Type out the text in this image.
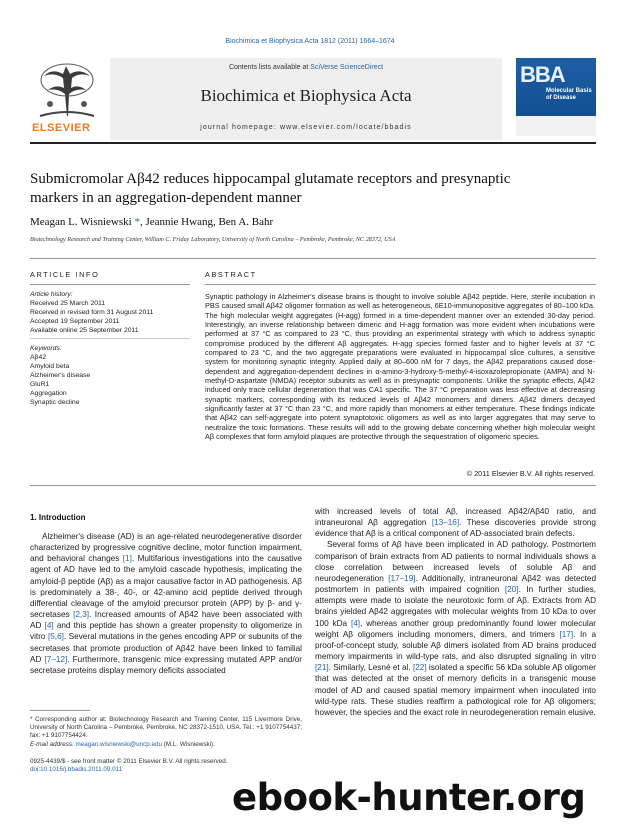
Biochimica et Biophysica Acta 1812 (2011) 1664–1674
ELSEVIER
Contents lists available at SciVerse ScienceDirect
Biochimica et Biophysica Acta
journal homepage: www.elsevier.com/locate/bbadis
BBA
Molecular Basis of Disease
Submicromolar Aβ42 reduces hippocampal glutamate receptors and presynaptic
markers in an aggregation-dependent manner
Meagan L. Wisniewski *, Jeannie Hwang, Ben A. Bahr
Biotechnology Research and Training Center, William C. Friday Laboratory, University of North Carolina – Pembroke, Pembroke, NC 28372, USA
ARTICLE INFO	ABSTRACT
Article history:
Received 25 March 2011
Received in revised form 31 August 2011
Accepted 19 September 2011
Available online 25 September 2011
Keywords:
Aβ42
Amyloid beta
Alzheimer's disease
GluR1
Aggregation
Synaptic decline
Synaptic pathology in Alzheimer's disease brains is thought to involve soluble Aβ42 peptide. Here, sterile incubation in PBS caused small Aβ42 oligomer formation as well as heterogeneous, 6E10-immunopositive aggregates of 80–100 kDa. The high molecular weight aggregates (H-agg) formed in a time-dependent manner over an extended 30-day period. Interestingly, an inverse relationship between dimeric and H-agg formation was more evident when incubations were performed at 37 °C as compared to 23 °C, thus providing an experimental strategy with which to address synaptic compromise produced by the different Aβ aggregates. H-agg species formed faster and to higher levels at 37 °C compared to 23 °C, and the two aggregate preparations were evaluated in hippocampal slice cultures, a sensitive system for monitoring synaptic integrity. Applied daily at 80–600 nM for 7 days, the Aβ42 preparations caused dose-dependent and aggregation-dependent declines in α-amino-3-hydroxy-5-methyl-4-isoxazolepropionate (AMPA) and N-methyl-D-aspartate (NMDA) receptor subunits as well as in presynaptic components. Unlike the synaptic effects, Aβ42 induced only trace cellular degeneration that was CA1 specific. The 37 °C preparation was less effective at decreasing synaptic markers, corresponding with its reduced levels of Aβ42 monomers and dimers. Aβ42 dimers decayed significantly faster at 37 °C than 23 °C, and more rapidly than monomers at either temperature. These findings indicate that Aβ42 can self-aggregate into potent synaptotoxic oligomers as well as into larger aggregates that may serve to neutralize the toxic formations. These results will add to the growing debate concerning whether high molecular weight Aβ complexes that form amyloid plaques are protective through the sequestration of oligomeric species.
© 2011 Elsevier B.V. All rights reserved.
1. Introduction

Alzheimer's disease (AD) is an age-related neurodegenerative disorder characterized by progressive cognitive decline, motor function impairment, and behavioral changes [1]. Multifarious investigations into the causative agent of AD have led to the amyloid cascade hypothesis, implicating the amyloid-β peptide (Aβ) as a major causative factor in AD pathogenesis. Aβ is predominately a 38-, 40-, or 42-amino acid peptide derived through differential cleavage of the amyloid precursor protein (APP) by β- and γ-secretases [2,3]. Increased amounts of Aβ42 have been associated with AD [4] and this peptide has shown a greater propensity to oligomerize in vitro [5,6]. Several mutations in the genes encoding APP or subunits of the secretases that promote production of Aβ42 have been linked to familial AD [7–12]. Furthermore, transgenic mice expressing mutated APP and/or secretase proteins display memory deficits associated

with increased levels of total Aβ, increased Aβ42/Aβ40 ratio, and intraneuronal Aβ aggregation [13–16]. These discoveries provide strong evidence that Aβ is a critical component of AD-associated brain defects.

Several forms of Aβ have been implicated in AD pathology. Postmortem comparison of brain extracts from AD patients to normal individuals shows a close correlation between increased levels of soluble Aβ and neurodegeneration [17–19]. Additionally, intraneuronal Aβ42 was detected postmortem in patients with impaired cognition [20]. In further studies, attempts were made to isolate the neurotoxic form of Aβ. Extracts from AD brains yielded Aβ42 aggregates with molecular weights from 10 kDa to over 100 kDa [4], whereas another group predominantly found lower molecular weight Aβ oligomers including monomers, dimers, and trimers [17]. In a proof-of-concept study, soluble Aβ dimers isolated from AD brains produced memory impairments in wild-type rats, and also disrupted signaling in vitro [21]. Similarly, Lesné et al. [22] isolated a specific 56 kDa soluble Aβ oligomer that was detected at the onset of memory deficits in a transgenic mouse model of AD and caused spatial memory impairment when inoculated into wild-type rats. These studies reaffirm a pathological role for Aβ oligomers; however, the species and the exact role in neurodegeneration remain elusive.

* Corresponding author at: Biotechnology Research and Training Center, 115 Livermore Drive, University of North Carolina – Pembroke, Pembroke, NC 28372-1510, USA. Tel.: +1 9107754437; fax: +1 9107754424.
E-mail address: meagan.wisniewski@uncp.edu (M.L. Wisniewski).
0925-4439/$ - see front matter © 2011 Elsevier B.V. All rights reserved.
doi:10.1016/j.bbadis.2011.09.011
ebook-hunter.org
